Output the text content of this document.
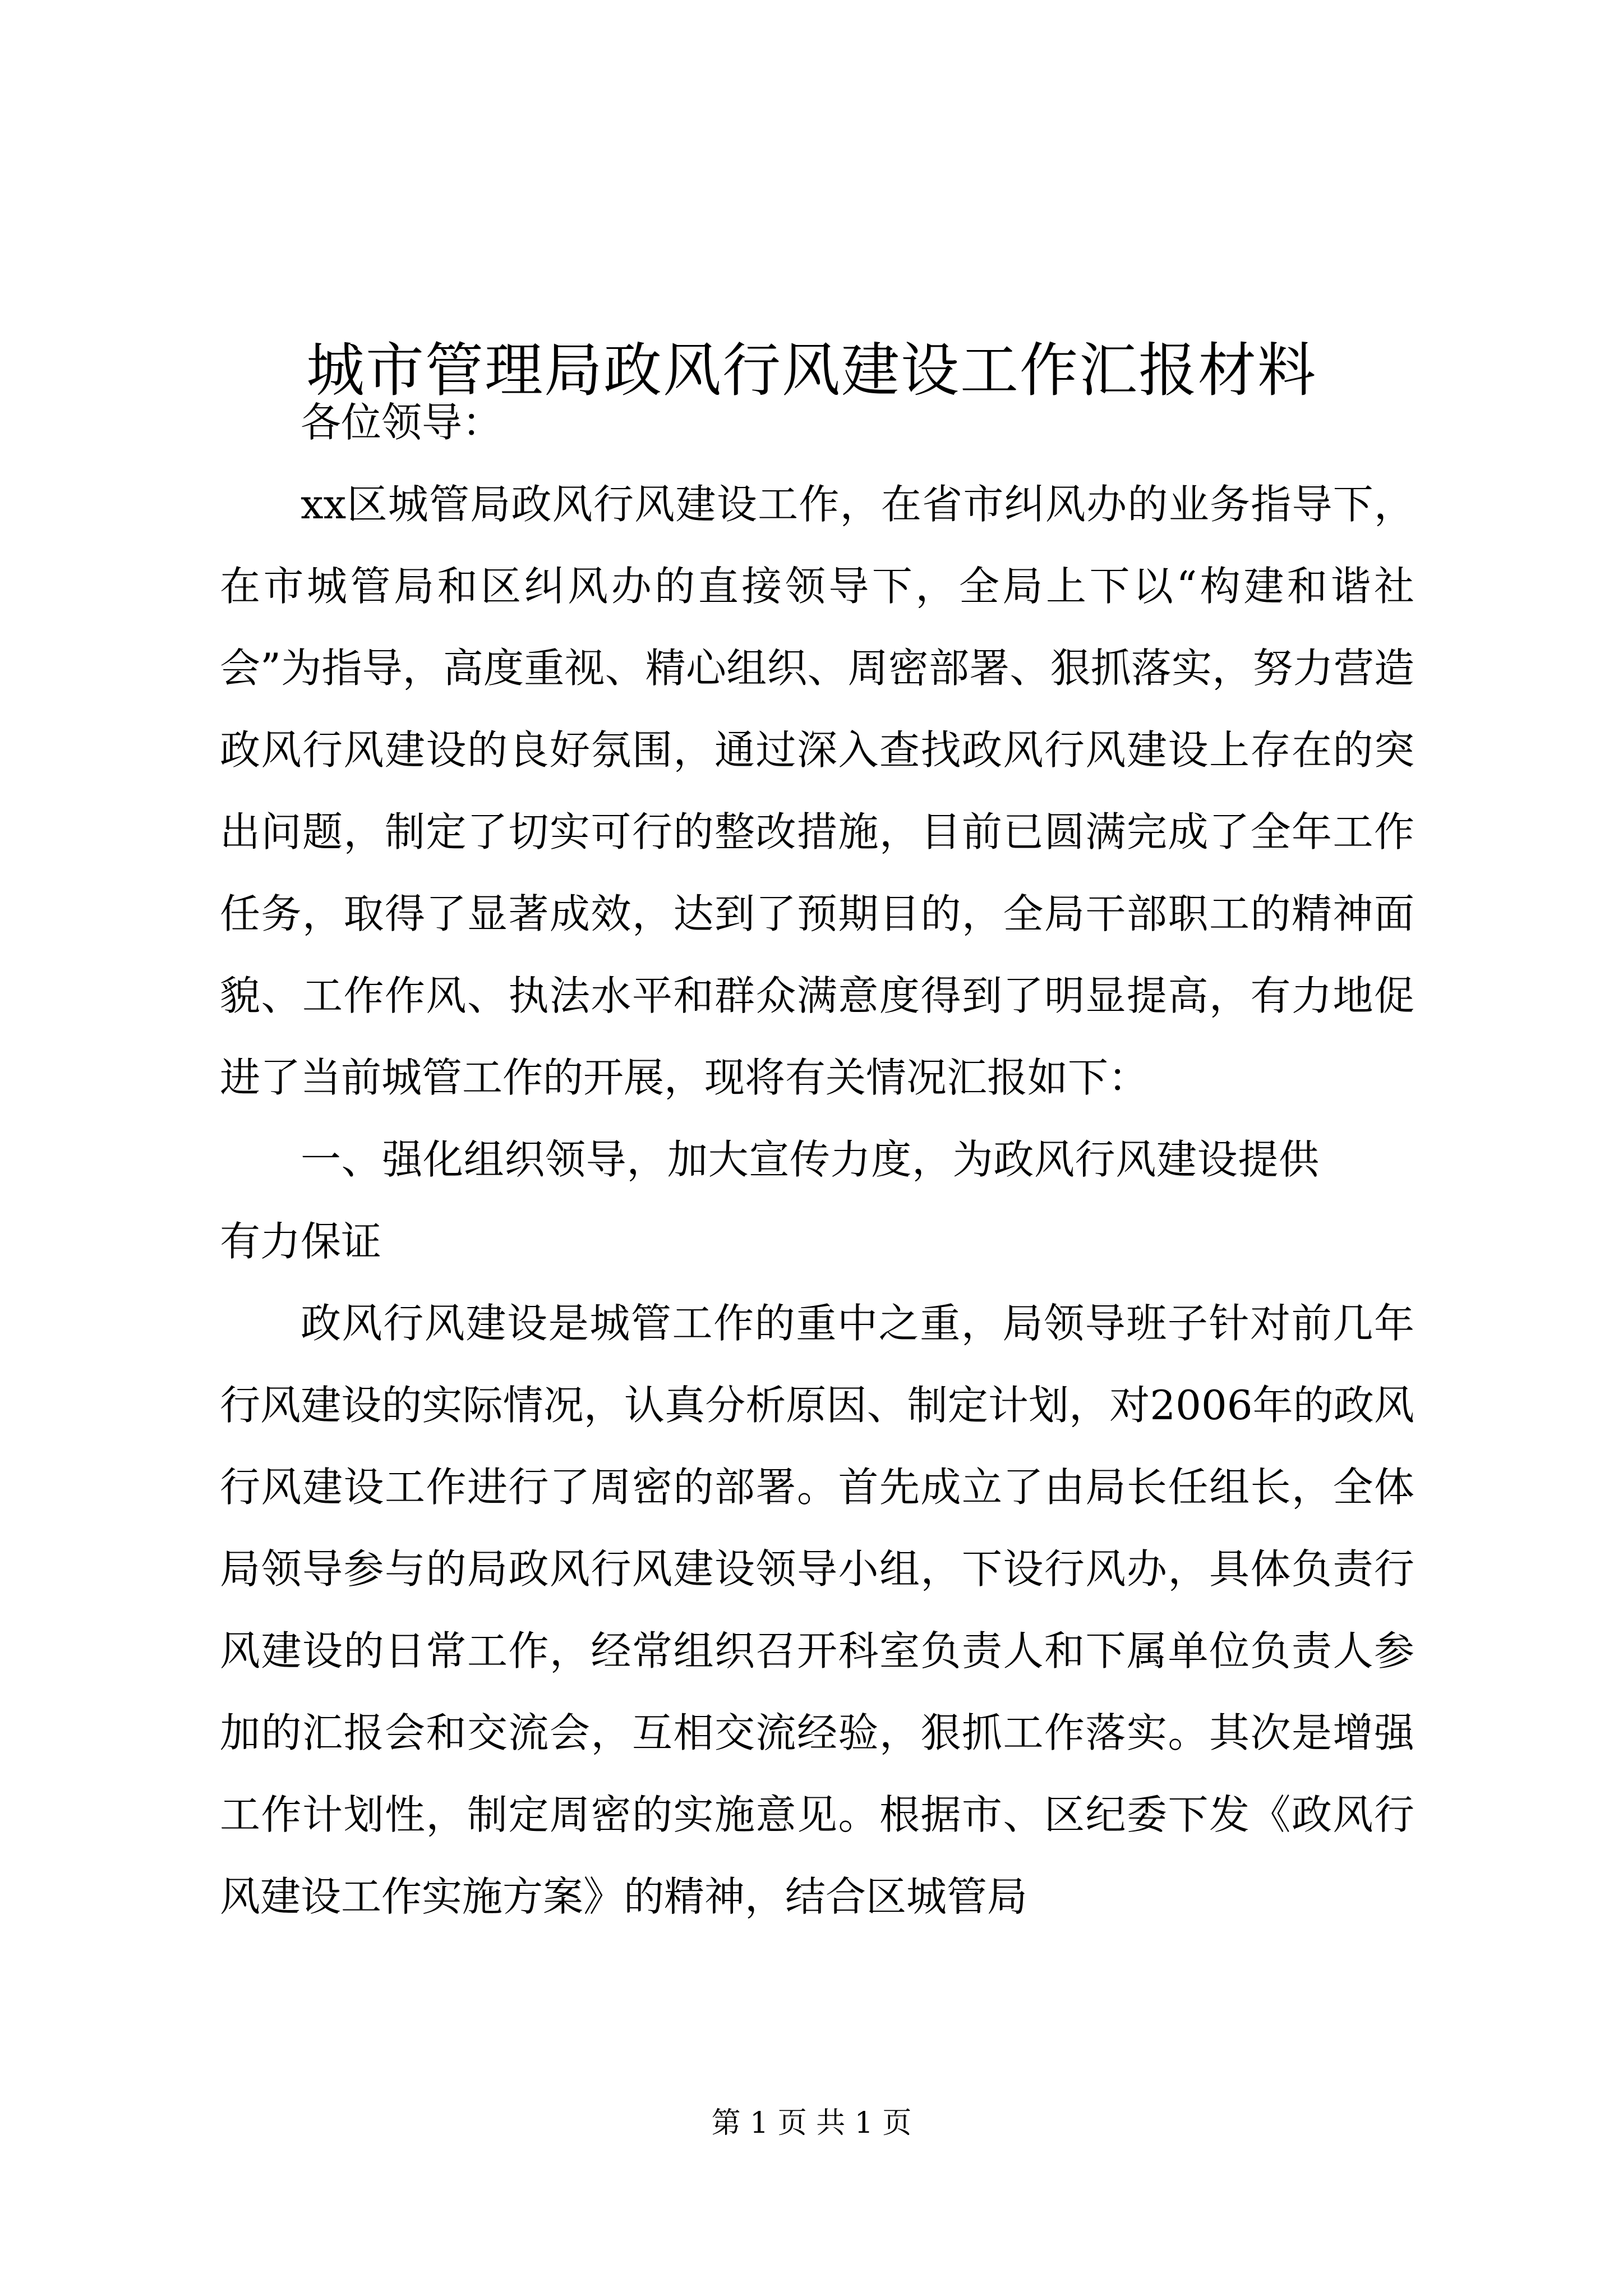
城市管理局政风行风建设工作汇报材料

各位领导：

xx区城管局政风行风建设工作，在省市纠风办的业务指导下，在市城管局和区纠风办的直接领导下，全局上下以“构建和谐社会”为指导，高度重视、精心组织、周密部署、狠抓落实，努力营造政风行风建设的良好氛围，通过深入查找政风行风建设上存在的突出问题，制定了切实可行的整改措施，目前已圆满完成了全年工作任务，取得了显著成效，达到了预期目的，全局干部职工的精神面貌、工作作风、执法水平和群众满意度得到了明显提高，有力地促进了当前城管工作的开展，现将有关情况汇报如下：

一、强化组织领导，加大宣传力度，为政风行风建设提供有力保证

政风行风建设是城管工作的重中之重，局领导班子针对前几年行风建设的实际情况，认真分析原因、制定计划，对2006年的政风行风建设工作进行了周密的部署。首先成立了由局长任组长，全体局领导参与的局政风行风建设领导小组，下设行风办，具体负责行风建设的日常工作，经常组织召开科室负责人和下属单位负责人参加的汇报会和交流会，互相交流经验，狠抓工作落实。其次是增强工作计划性，制定周密的实施意见。根据市、区纪委下发《政风行风建设工作实施方案》的精神，结合区城管局

第 1 页 共 1 页
